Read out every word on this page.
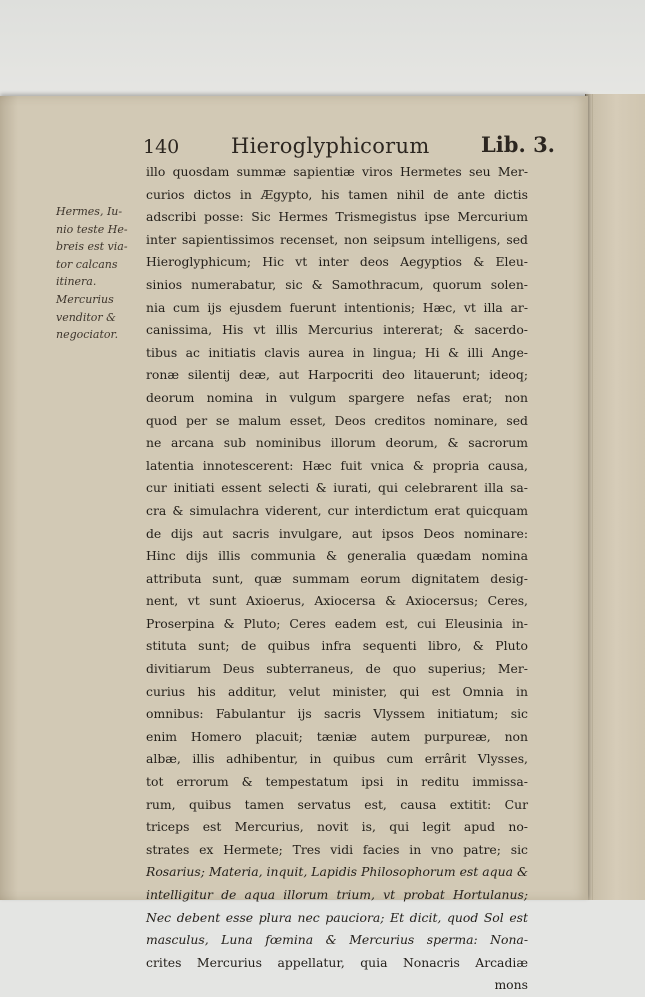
140 Hieroglyphicorum Lib. 3.
Hermes, Iu-
nio teste He-
breis est via-
tor calcans
itinera.
Mercurius
venditor &
negociator.
illo quosdam summæ sapientiæ viros Hermetes seu Mer-
curios dictos in Ægypto, his tamen nihil de ante dictis
adscribi posse: Sic Hermes Trismegistus ipse Mercurium
inter sapientissimos recenset, non seipsum intelligens, sed
Hieroglyphicum; Hic vt inter deos Aegyptios & Eleu-
sinios numerabatur, sic & Samothracum, quorum solen-
nia cum ijs ejusdem fuerunt intentionis; Hæc, vt illa ar-
canissima, His vt illis Mercurius intererat; & sacerdo-
tibus ac initiatis clavis aurea in lingua; Hi & illi Ange-
ronæ silentij deæ, aut Harpocriti deo litauerunt; ideoq;
deorum nomina in vulgum spargere nefas erat; non
quod per se malum esset, Deos creditos nominare, sed
ne arcana sub nominibus illorum deorum, & sacrorum
latentia innotescerent: Hæc fuit vnica & propria causa,
cur initiati essent selecti & iurati, qui celebrarent illa sa-
cra & simulachra viderent, cur interdictum erat quicquam
de dijs aut sacris invulgare, aut ipsos Deos nominare:
Hinc dijs illis communia & generalia quædam nomina
attributa sunt, quæ summam eorum dignitatem desig-
nent, vt sunt Axioerus, Axiocersa & Axiocersus; Ceres,
Proserpina & Pluto; Ceres eadem est, cui Eleusinia in-
stituta sunt; de quibus infra sequenti libro, & Pluto
divitiarum Deus subterraneus, de quo superius; Mer-
curius his additur, velut minister, qui est Omnia in
omnibus: Fabulantur ijs sacris Vlyssem initiatum; sic
enim Homero placuit; tæniæ autem purpureæ, non
albæ, illis adhibentur, in quibus cum errârit Vlysses,
tot errorum & tempestatum ipsi in reditu immissa-
rum, quibus tamen servatus est, causa extitit: Cur
triceps est Mercurius, novit is, qui legit apud no-
strates ex Hermete; Tres vidi facies in vno patre; sic
Rosarius; Materia, inquit, Lapidis Philosophorum est aqua &
intelligitur de aqua illorum trium, vt probat Hortulanus;
Nec debent esse plura nec pauciora; Et dicit, quod Sol est
masculus, Luna fœmina & Mercurius sperma: Nona-
crites Mercurius appellatur, quia Nonacris Arcadiæ
mons
